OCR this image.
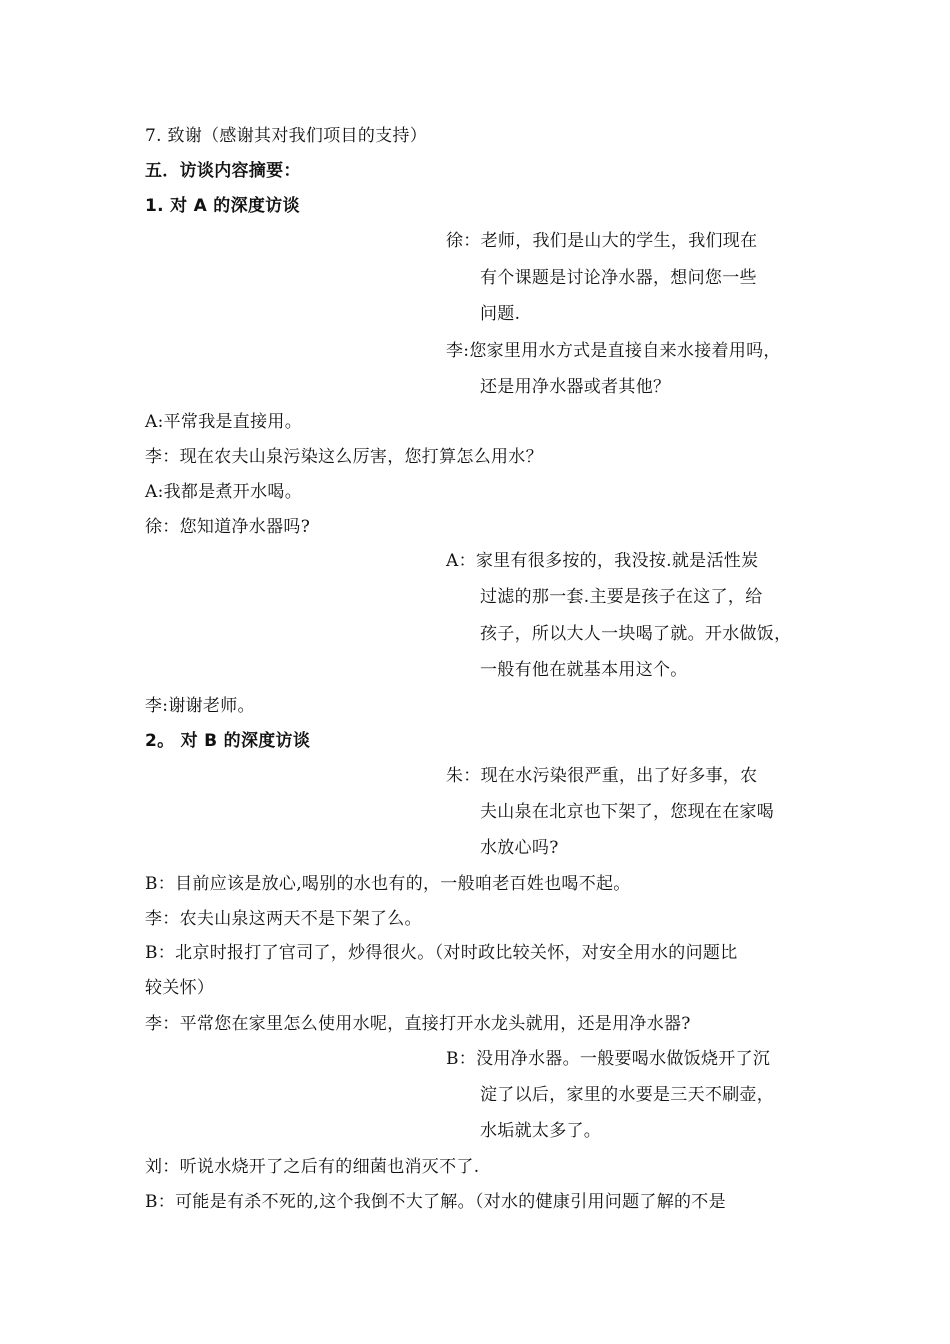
7. 致谢（感谢其对我们项目的支持）
五．访谈内容摘要：
1. 对 A 的深度访谈
徐：老师，我们是山大的学生，我们现在
有个课题是讨论净水器，想问您一些
问题.
李:您家里用水方式是直接自来水接着用吗，
还是用净水器或者其他？
A:平常我是直接用。
李：现在农夫山泉污染这么厉害，您打算怎么用水？
A:我都是煮开水喝。
徐：您知道净水器吗?
A：家里有很多按的，我没按.就是活性炭
过滤的那一套.主要是孩子在这了，给
孩子，所以大人一块喝了就。开水做饭，
一般有他在就基本用这个。
李:谢谢老师。
2。 对 B 的深度访谈
朱：现在水污染很严重，出了好多事，农
夫山泉在北京也下架了，您现在在家喝
水放心吗?
B：目前应该是放心,喝别的水也有的，一般咱老百姓也喝不起。
李：农夫山泉这两天不是下架了么。
B：北京时报打了官司了，炒得很火。（对时政比较关怀，对安全用水的问题比
较关怀）
李：平常您在家里怎么使用水呢，直接打开水龙头就用，还是用净水器?
B：没用净水器。一般要喝水做饭烧开了沉
淀了以后，家里的水要是三天不刷壶，
水垢就太多了。
刘：听说水烧开了之后有的细菌也消灭不了.
B：可能是有杀不死的,这个我倒不大了解。（对水的健康引用问题了解的不是
